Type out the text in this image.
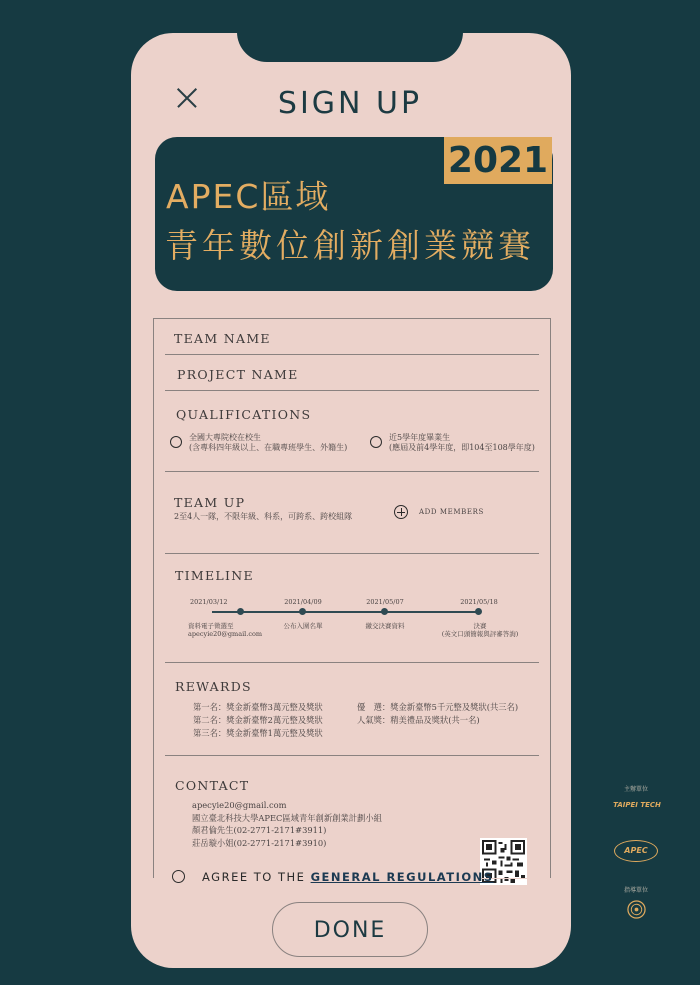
SIGN UP
2021
APEC區域
青年數位創新創業競賽
TEAM NAME
PROJECT NAME
QUALIFICATIONS
全國大專院校在校生
(含專科四年級以上、在職專班學生、外籍生)
近5學年度畢業生
(應屆及前4學年度，即104至108學年度)
TEAM UP
2至4人一隊，不限年級、科系，可跨系、跨校組隊	ADD MEMBERS
TIMELINE
2021/03/12	2021/04/09	2021/05/07	2021/05/18
資料電子徵選至
apecyie20@gmail.com
公布入圍名單	繳交決賽資料	決賽
(英文口頭簡報與評審答詢)
REWARDS
第一名：獎金新臺幣3萬元整及獎狀
第二名：獎金新臺幣2萬元整及獎狀
第三名：獎金新臺幣1萬元整及獎狀
優　選：獎金新臺幣5千元整及獎狀(共三名)
人氣獎：精美禮品及獎狀(共一名)
CONTACT
apecyie20@gmail.com
國立臺北科技大學APEC區域青年創新創業計劃小組
顏君倫先生(02-2771-2171#3911)
莊岳璇小姐(02-2771-2171#3910)
AGREE TO THE GENERAL REGULATIONS
DONE
主辦單位
TAIPEI TECH
APEC
指導單位
